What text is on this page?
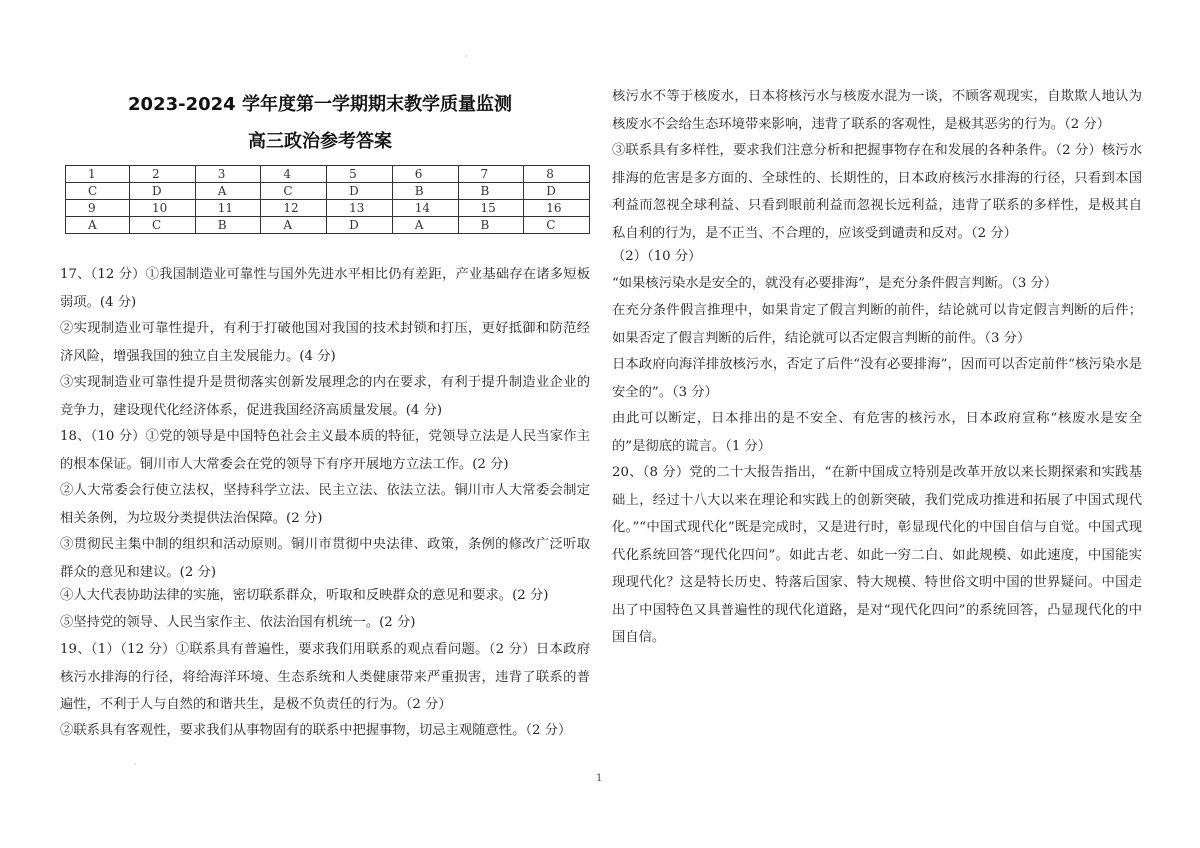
·
·
2023-2024 学年度第一学期期末教学质量监测
高三政治参考答案
1	2	3	4	5	6	7	8
C	D	A	C	D	B	B	D
9	10	11	12	13	14	15	16
A	C	B	A	D	A	B	C
17、（12 分）①我国制造业可靠性与国外先进水平相比仍有差距，产业基础存在诸多短板弱项。(4 分)
②实现制造业可靠性提升，有利于打破他国对我国的技术封锁和打压，更好抵御和防范经济风险，增强我国的独立自主发展能力。(4 分)
③实现制造业可靠性提升是贯彻落实创新发展理念的内在要求，有利于提升制造业企业的竞争力，建设现代化经济体系，促进我国经济高质量发展。(4 分)
18、（10 分）①党的领导是中国特色社会主义最本质的特征，党领导立法是人民当家作主的根本保证。铜川市人大常委会在党的领导下有序开展地方立法工作。(2 分)
②人大常委会行使立法权，坚持科学立法、民主立法、依法立法。铜川市人大常委会制定相关条例，为垃圾分类提供法治保障。(2 分)
③贯彻民主集中制的组织和活动原则。铜川市贯彻中央法律、政策，条例的修改广泛听取群众的意见和建议。(2 分)
④人大代表协助法律的实施，密切联系群众，听取和反映群众的意见和要求。(2 分)
⑤坚持党的领导、人民当家作主、依法治国有机统一。(2 分)
19、（1）（12 分）①联系具有普遍性，要求我们用联系的观点看问题。（2 分）日本政府核污水排海的行径，将给海洋环境、生态系统和人类健康带来严重损害，违背了联系的普遍性，不利于人与自然的和谐共生，是极不负责任的行为。（2 分）
②联系具有客观性，要求我们从事物固有的联系中把握事物，切忌主观随意性。（2 分）
核污水不等于核废水，日本将核污水与核废水混为一谈，不顾客观现实，自欺欺人地认为核废水不会给生态环境带来影响，违背了联系的客观性，是极其恶劣的行为。（2 分）
③联系具有多样性，要求我们注意分析和把握事物存在和发展的各种条件。（2 分）核污水排海的危害是多方面的、全球性的、长期性的，日本政府核污水排海的行径，只看到本国利益而忽视全球利益、只看到眼前利益而忽视长远利益，违背了联系的多样性，是极其自私自利的行为，是不正当、不合理的，应该受到谴责和反对。（2 分）
（2）（10 分）
“如果核污染水是安全的，就没有必要排海”，是充分条件假言判断。（3 分）
在充分条件假言推理中，如果肯定了假言判断的前件，结论就可以肯定假言判断的后件；如果否定了假言判断的后件，结论就可以否定假言判断的前件。（3 分）
日本政府向海洋排放核污水，否定了后件“没有必要排海”，因而可以否定前件“核污染水是安全的”。（3 分）
由此可以断定，日本排出的是不安全、有危害的核污水，日本政府宣称“核废水是安全的”是彻底的谎言。（1 分）
20、（8 分）党的二十大报告指出，“在新中国成立特别是改革开放以来长期探索和实践基础上，经过十八大以来在理论和实践上的创新突破，我们党成功推进和拓展了中国式现代化。”“中国式现代化”既是完成时，又是进行时，彰显现代化的中国自信与自觉。中国式现代化系统回答“现代化四问”。如此古老、如此一穷二白、如此规模、如此速度，中国能实现现代化？这是特长历史、特落后国家、特大规模、特世俗文明中国的世界疑问。中国走出了中国特色又具普遍性的现代化道路，是对“现代化四问”的系统回答，凸显现代化的中国自信。
1
